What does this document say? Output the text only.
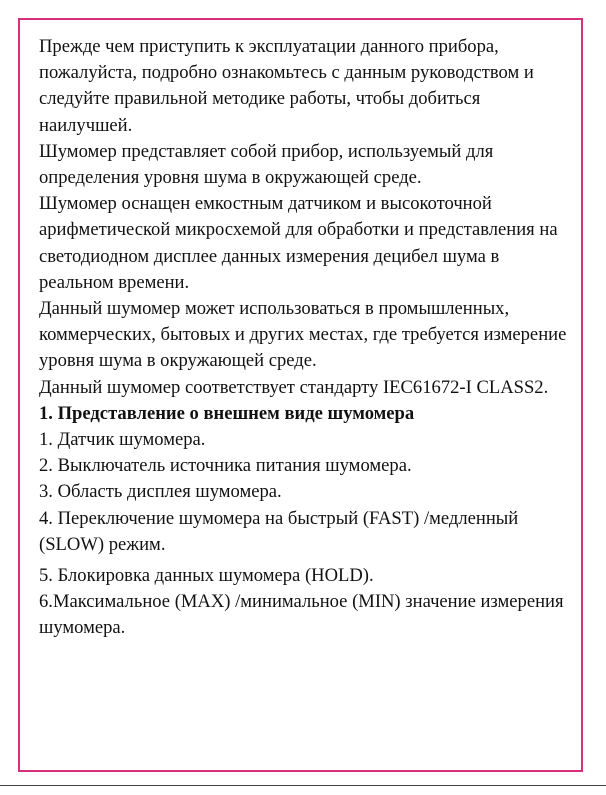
Прежде чем приступить к эксплуатации данного прибора, пожалуйста, подробно ознакомьтесь с данным руководством и следуйте правильной методике работы, чтобы добиться наилучшей.

Шумомер представляет собой прибор, используемый для определения уровня шума в окружающей среде.

Шумомер оснащен емкостным датчиком и высокоточной арифметической микросхемой для обработки и представления на светодиодном дисплее данных измерения децибел шума в реальном времени.

Данный шумомер может использоваться в промышленных, коммерческих, бытовых и других местах, где требуется измерение уровня шума в окружающей среде.

Данный шумомер соответствует стандарту IEC61672-I CLASS2.

1. Представление о внешнем виде шумомера

1. Датчик шумомера.

2. Выключатель источника питания шумомера.

3. Область дисплея шумомера.

4. Переключение шумомера на быстрый (FAST) /медленный (SLOW) режим.

5. Блокировка данных шумомера (HOLD).

6.Максимальное (MAX) /минимальное (MIN) значение измерения шумомера.
